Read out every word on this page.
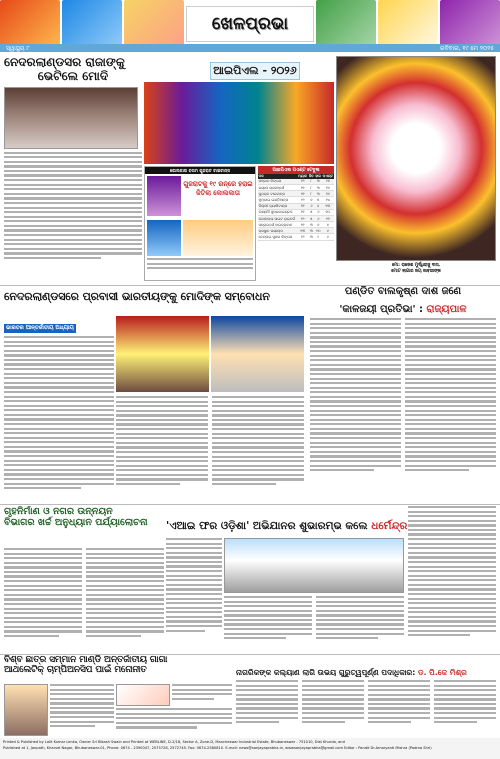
ଖେଳପ୍ରଭା
ସ୍ୱାସ୍ଥ୍ୟ ୮	ରବିବାର, ୧୯ ମେ ୨୦୨୫
ନେଦରଲାଣ୍ଡସର ରାଜାଙ୍କୁ
ଭେଟିଲେ ମୋଦି	ଆଇପିଏଲ - ୨୦୨୬
କୋଲକାତା ବନାମ ଗୁଜରାଟ ଟାଇଟାନ୍ସ
ଗୁଜରାଟକୁ ୧୯ ରନ୍‌ରେ ହରାଇ ଜିତିଲା କୋଲକାତା
ଆଇପିଏଲ ପଏଣ୍ଟ ଟେବୁଲ
ଦଳ	ମ୍ୟାଚ	ଜିତ	ହାର	ପଏଣ୍ଟ
ପଞ୍ଜାବ କିଙ୍ଗସ	୧୨	୮	୩	୧୭
ରୟାଲ ଚାଲେଞ୍ଜର୍ସ	୧୧	୮	୩	୧୬
ଗୁଜରାଟ ଟାଇଟାନ୍ସ	୧୧	୮	୩	୧୬
ମୁମ୍ବାଇ ଇଣ୍ଡିଆନ୍ସ	୧୨	୭	୫	୧୪
ଦିଲ୍ଲୀ କ୍ୟାପିଟାଲ୍ସ	୧୧	୬	୪	୧୩
ଲକ୍ଷ୍ନୌ ସୁପରଜାଇଣ୍ଟସ	୧୧	୫	୬	୧୦
କୋଲକାତା ନାଇଟ ରାଇଡର୍ସ	୧୨	୫	୬	୧୧
ସନ୍‌ରାଇଜର୍ସ ହାଇଦ୍ରାବାଦ	୧୧	୩	୭	୭
ରାଜସ୍ଥାନ ରୟାଲ୍ସ	୧୩	୩	୧୦	୬
ଚେନ୍ନାଇ ସୁପର କିଙ୍ଗସ	୧୨	୩	୯	୬
ମୋ: ରାଜେଶ ମୁର୍ଦ୍ଧିରାଜୁ ଦାସ,
ମୋଟ ଲାଗାର ଜୟ ଜାବରୀଙ୍କ
ନେଦରଲାଣ୍ଡସରେ ପ୍ରବାସୀ ଭାରତୀୟଙ୍କୁ ମୋଦିଙ୍କ ସମ୍ବୋଧନ	ପଣ୍ଡିତ ବାଲକୃଷ୍ଣ ଦାଶ ଜଣେ
'କାଳଜୟୀ ପ୍ରତିଭା' : ରାଜ୍ୟପାଳ
ଭାରତର ଆନ୍ତର୍ଜାତୀୟ ଅଧ୍ୟାୟ
ଗୃହନିର୍ମାଣ ଓ ନଗର ଉନ୍ନୟନ
ବିଭାଗର ଖର୍ଚ୍ଚ ଅନୁଧ୍ୟାନ ପର୍ଯ୍ୟାଲୋଚନା	'ଏଆଇ ଫର ଓଡ଼ିଶା' ଅଭିଯାନର ଶୁଭାରମ୍ଭ କଲେ ଧର୍ମେନ୍ଦ୍ର
ବିଶ୍ବ ଛାତ୍ର ସମ୍ମାନ ମାଣ୍ଡି ଅନ୍ତର୍ଜାତୀୟ ଗାଗା
ଆଥଲେଟିକ୍ ଚାମ୍ପିଅନସିପ ପାଇଁ ମନୋନୀତ	ନାଗରିକଙ୍କ କଲ୍ୟାଣ ଲାଗି ଉଭୟ ଗୁରୁତ୍ୱପୂର୍ଣ୍ଣ ପଦାଧିକାର: ଡ. ପି.କେ ମିଶ୍ର
Printed & Published by Lalit Kumar Lenka, Owner Sri Bikash Swain and Printed at WEBLINE, D-2/18, Sector A, Zone-D, Mancheswar Industrial Estate, Bhubaneswar - 751010, Dist Khurda, and
Published at 1, Janpath, Kharvel Nagar, Bhubaneswar-01, Phone: 0674 - 2390047, 2575728, 2572745. Fax: 0674-2580810. E-mail: news@sanjayaprabha.in, wwwsanjayaprabha@gmail.com Editor : Pandit Dr.Amaryanti Mishra (Padma Shri)
